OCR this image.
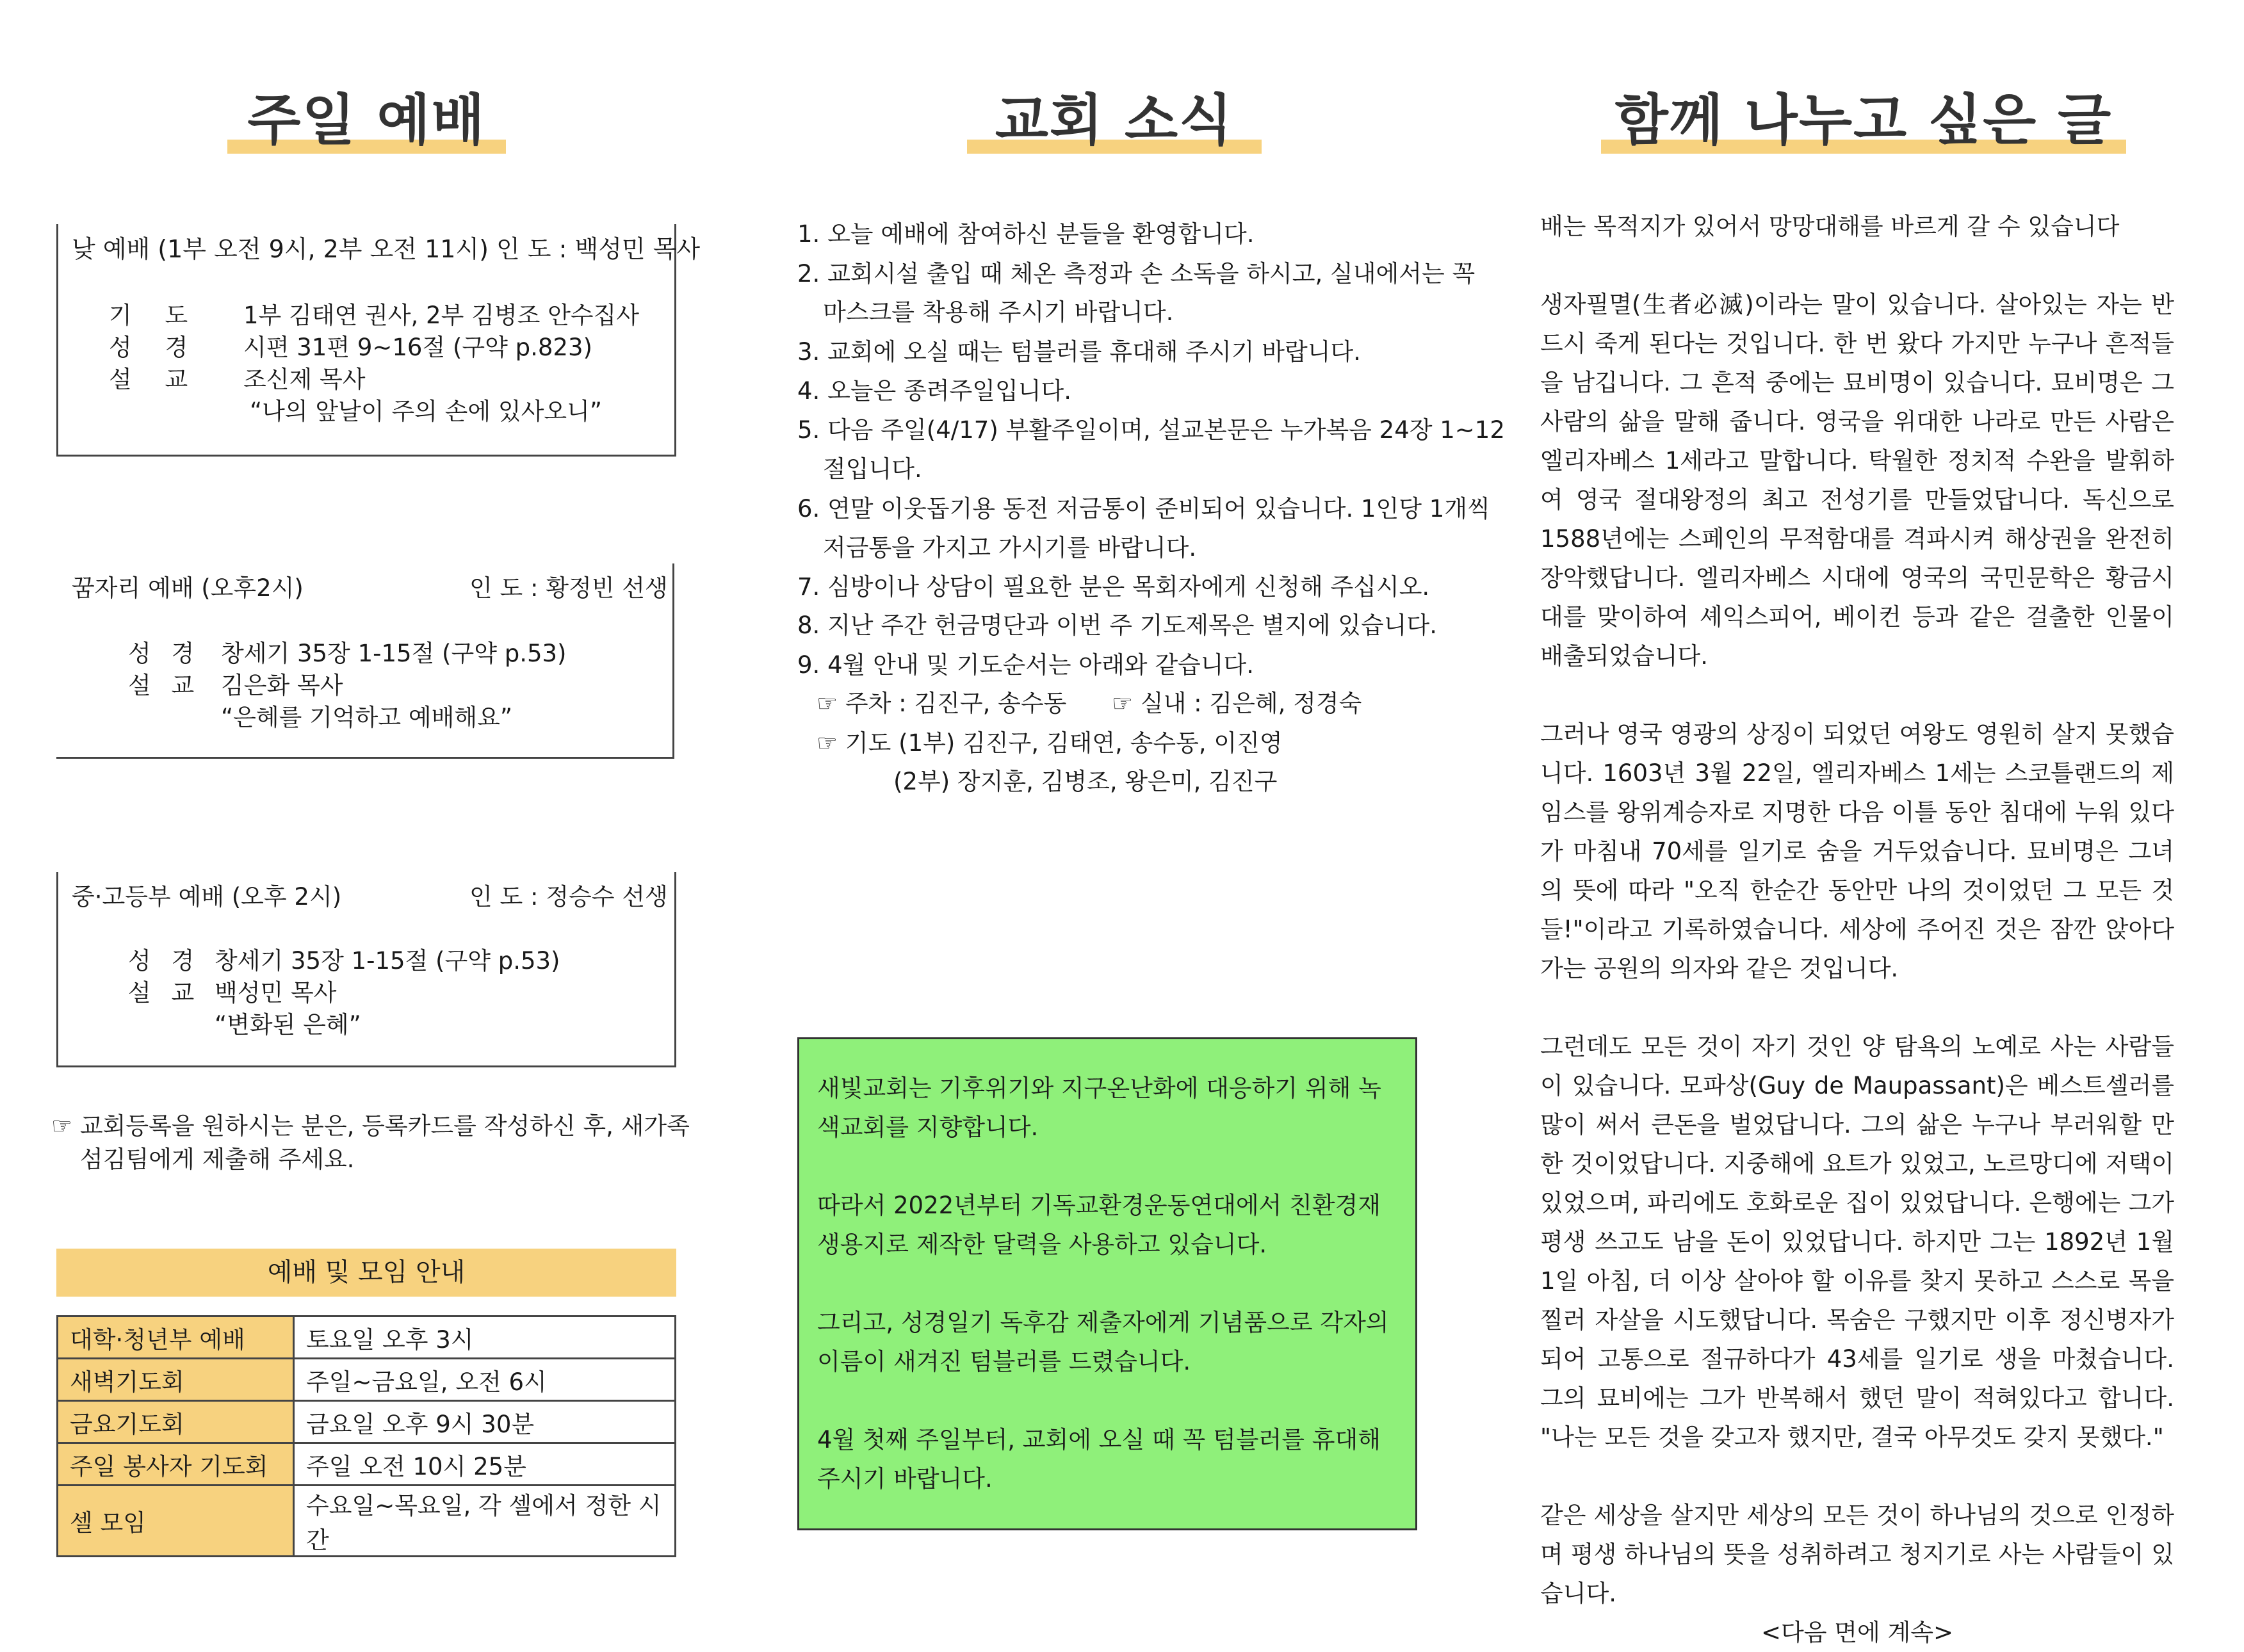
주일 예배
낮 예배 (1부 오전 9시, 2부 오전 11시) 인 도 : 백성민 목사
기 도 1부 김태연 권사, 2부 김병조 안수집사
성 경 시편 31편 9~16절 (구약 p.823)
설 교 조신제 목사
“나의 앞날이 주의 손에 있사오니”
꿈자리 예배 (오후2시)	인 도 : 황정빈 선생
성 경 창세기 35장 1-15절 (구약 p.53)
설 교 김은화 목사
“은혜를 기억하고 예배해요”
중·고등부 예배 (오후 2시)	인 도 : 정승수 선생
성 경 창세기 35장 1-15절 (구약 p.53)
설 교 백성민 목사
“변화된 은혜”
☞ 교회등록을 원하시는 분은, 등록카드를 작성하신 후, 새가족
섬김팀에게 제출해 주세요.
예배 및 모임 안내
대학·청년부 예배	토요일 오후 3시
새벽기도회	주일~금요일, 오전 6시
금요기도회	금요일 오후 9시 30분
주일 봉사자 기도회	주일 오전 10시 25분
셀 모임	수요일~목요일, 각 셀에서 정한 시간
교회 소식
1. 오늘 예배에 참여하신 분들을 환영합니다.
2. 교회시설 출입 때 체온 측정과 손 소독을 하시고, 실내에서는 꼭
마스크를 착용해 주시기 바랍니다.
3. 교회에 오실 때는 텀블러를 휴대해 주시기 바랍니다.
4. 오늘은 종려주일입니다.
5. 다음 주일(4/17) 부활주일이며, 설교본문은 누가복음 24장 1~12
절입니다.
6. 연말 이웃돕기용 동전 저금통이 준비되어 있습니다. 1인당 1개씩
저금통을 가지고 가시기를 바랍니다.
7. 심방이나 상담이 필요한 분은 목회자에게 신청해 주십시오.
8. 지난 주간 헌금명단과 이번 주 기도제목은 별지에 있습니다.
9. 4월 안내 및 기도순서는 아래와 같습니다.
☞ 주차 : 김진구, 송수동      ☞ 실내 : 김은혜, 정경숙
☞ 기도 (1부) 김진구, 김태연, 송수동, 이진영
(2부) 장지훈, 김병조, 왕은미, 김진구

새빛교회는 기후위기와 지구온난화에 대응하기 위해 녹색교회를 지향합니다.

따라서 2022년부터 기독교환경운동연대에서 친환경재생용지로 제작한 달력을 사용하고 있습니다.

그리고, 성경일기 독후감 제출자에게 기념품으로 각자의 이름이 새겨진 텀블러를 드렸습니다.

4월 첫째 주일부터, 교회에 오실 때 꼭 텀블러를 휴대해 주시기 바랍니다.

함께 나누고 싶은 글

배는 목적지가 있어서 망망대해를 바르게 갈 수 있습니다

생자필멸(生者必滅)이라는 말이 있습니다. 살아있는 자는 반드시 죽게 된다는 것입니다. 한 번 왔다 가지만 누구나 흔적들을 남깁니다. 그 흔적 중에는 묘비명이 있습니다. 묘비명은 그 사람의 삶을 말해 줍니다. 영국을 위대한 나라로 만든 사람은 엘리자베스 1세라고 말합니다. 탁월한 정치적 수완을 발휘하여 영국 절대왕정의 최고 전성기를 만들었답니다. 독신으로 1588년에는 스페인의 무적함대를 격파시켜 해상권을 완전히 장악했답니다. 엘리자베스 시대에 영국의 국민문학은 황금시대를 맞이하여 셰익스피어, 베이컨 등과 같은 걸출한 인물이 배출되었습니다.

그러나 영국 영광의 상징이 되었던 여왕도 영원히 살지 못했습니다. 1603년 3월 22일, 엘리자베스 1세는 스코틀랜드의 제임스를 왕위계승자로 지명한 다음 이틀 동안 침대에 누워 있다가 마침내 70세를 일기로 숨을 거두었습니다. 묘비명은 그녀의 뜻에 따라 "오직 한순간 동안만 나의 것이었던 그 모든 것들!"이라고 기록하였습니다. 세상에 주어진 것은 잠깐 앉아다 가는 공원의 의자와 같은 것입니다.

그런데도 모든 것이 자기 것인 양 탐욕의 노예로 사는 사람들이 있습니다. 모파상(Guy de Maupassant)은 베스트셀러를 많이 써서 큰돈을 벌었답니다. 그의 삶은 누구나 부러워할 만한 것이었답니다. 지중해에 요트가 있었고, 노르망디에 저택이 있었으며, 파리에도 호화로운 집이 있었답니다. 은행에는 그가 평생 쓰고도 남을 돈이 있었답니다. 하지만 그는 1892년 1월 1일 아침, 더 이상 살아야 할 이유를 찾지 못하고 스스로 목을 찔러 자살을 시도했답니다. 목숨은 구했지만 이후 정신병자가 되어 고통으로 절규하다가 43세를 일기로 생을 마쳤습니다. 그의 묘비에는 그가 반복해서 했던 말이 적혀있다고 합니다. "나는 모든 것을 갖고자 했지만, 결국 아무것도 갖지 못했다."

같은 세상을 살지만 세상의 모든 것이 하나님의 것으로 인정하며 평생 하나님의 뜻을 성취하려고 청지기로 사는 사람들이 있습니다.

<다음 면에 계속>
